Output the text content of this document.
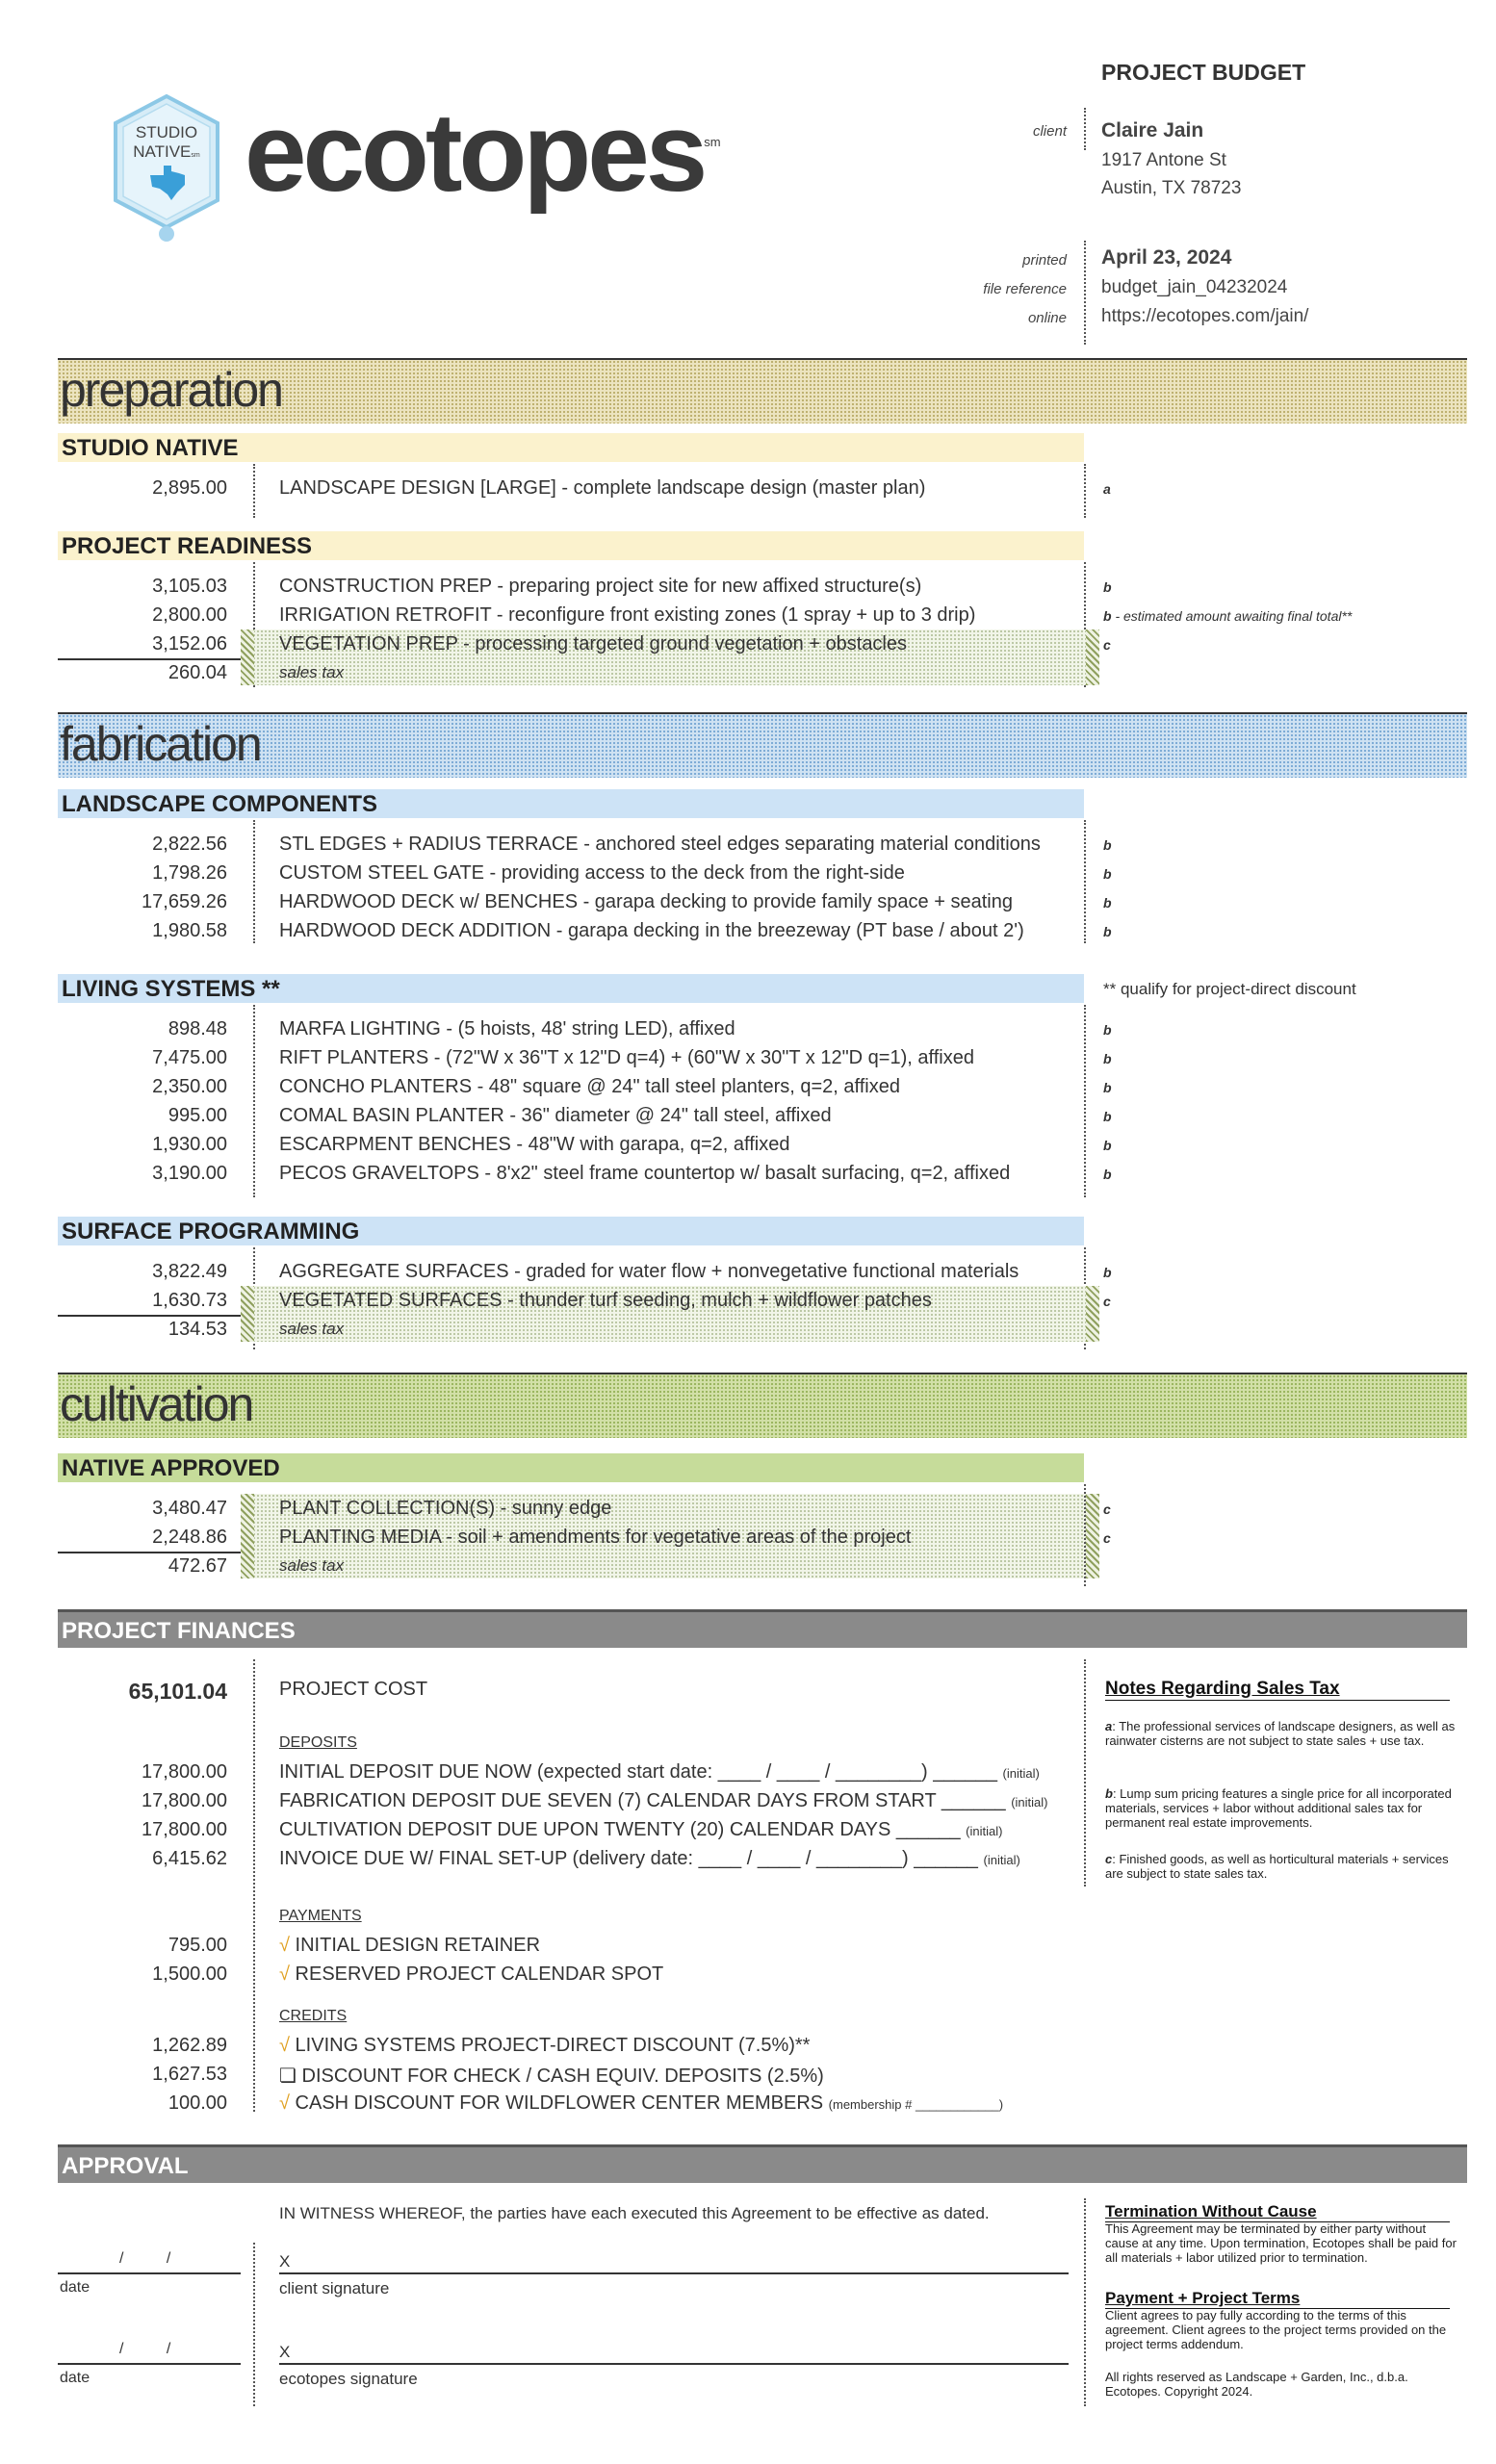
STUDIO
NATIVEsm ecotopes$^{sm}$
PROJECT BUDGET
client Claire Jain
1917 Antone St
Austin, TX 78723
printed April 23, 2024
file reference budget_jain_04232024
online https://ecotopes.com/jain/
preparation
STUDIO NATIVE
2,895.00	LANDSCAPE DESIGN [LARGE] - complete landscape design (master plan)	a
PROJECT READINESS
3,105.03	CONSTRUCTION PREP - preparing project site for new affixed structure(s)	b
2,800.00	IRRIGATION RETROFIT - reconfigure front existing zones (1 spray + up to 3 drip)	b - estimated amount awaiting final total**
3,152.06	VEGETATION PREP - processing targeted ground vegetation + obstacles	c
260.04	sales tax
fabrication
LANDSCAPE COMPONENTS
2,822.56	STL EDGES + RADIUS TERRACE - anchored steel edges separating material conditions	b
1,798.26	CUSTOM STEEL GATE - providing access to the deck from the right-side	b
17,659.26	HARDWOOD DECK w/ BENCHES - garapa decking to provide family space + seating	b
1,980.58	HARDWOOD DECK ADDITION - garapa decking in the breezeway (PT base / about 2')	b
LIVING SYSTEMS **	** qualify for project-direct discount
898.48	MARFA LIGHTING - (5 hoists, 48' string LED), affixed	b
7,475.00	RIFT PLANTERS - (72"W x 36"T x 12"D q=4) + (60"W x 30"T x 12"D q=1), affixed	b
2,350.00	CONCHO PLANTERS - 48" square @ 24" tall steel planters, q=2, affixed	b
995.00	COMAL BASIN PLANTER - 36" diameter @ 24" tall steel, affixed	b
1,930.00	ESCARPMENT BENCHES - 48"W with garapa, q=2, affixed	b
3,190.00	PECOS GRAVELTOPS - 8'x2" steel frame countertop w/ basalt surfacing, q=2, affixed	b
SURFACE PROGRAMMING
3,822.49	AGGREGATE SURFACES - graded for water flow + nonvegetative functional materials	b
1,630.73	VEGETATED SURFACES - thunder turf seeding, mulch + wildflower patches	c
134.53	sales tax
cultivation
NATIVE APPROVED
3,480.47	PLANT COLLECTION(S) - sunny edge	c
2,248.86	PLANTING MEDIA - soil + amendments for vegetative areas of the project	c
472.67	sales tax
PROJECT FINANCES
65,101.04	PROJECT COST
DEPOSITS
17,800.00	INITIAL DEPOSIT DUE NOW (expected start date: ____ / ____ / ________) ______ (initial)
17,800.00	FABRICATION DEPOSIT DUE SEVEN (7) CALENDAR DAYS FROM START ______ (initial)
17,800.00	CULTIVATION DEPOSIT DUE UPON TWENTY (20) CALENDAR DAYS ______ (initial)
6,415.62	INVOICE DUE W/ FINAL SET-UP (delivery date: ____ / ____ / ________) ______ (initial)
PAYMENTS
795.00	√ INITIAL DESIGN RETAINER
1,500.00	√ RESERVED PROJECT CALENDAR SPOT
CREDITS
1,262.89	√ LIVING SYSTEMS PROJECT-DIRECT DISCOUNT (7.5%)**
1,627.53	❏ DISCOUNT FOR CHECK / CASH EQUIV. DEPOSITS (2.5%)
100.00	√ CASH DISCOUNT FOR WILDFLOWER CENTER MEMBERS (membership # ____________)
Notes Regarding Sales Tax
a: The professional services of landscape designers, as well as rainwater cisterns are not subject to state sales + use tax.
b: Lump sum pricing features a single price for all incorporated materials, services + labor without additional sales tax for permanent real estate improvements.
c: Finished goods, as well as horticultural materials + services are subject to state sales tax.
APPROVAL
IN WITNESS WHEREOF, the parties have each executed this Agreement to be effective as dated.
/          /
date
X
client signature
/          /
date
X
ecotopes signature
Termination Without Cause
This Agreement may be terminated by either party without cause at any time. Upon termination, Ecotopes shall be paid for all materials + labor utilized prior to termination.
Payment + Project Terms
Client agrees to pay fully according to the terms of this agreement. Client agrees to the project terms provided on the project terms addendum.
All rights reserved as Landscape + Garden, Inc., d.b.a. Ecotopes. Copyright 2024.
